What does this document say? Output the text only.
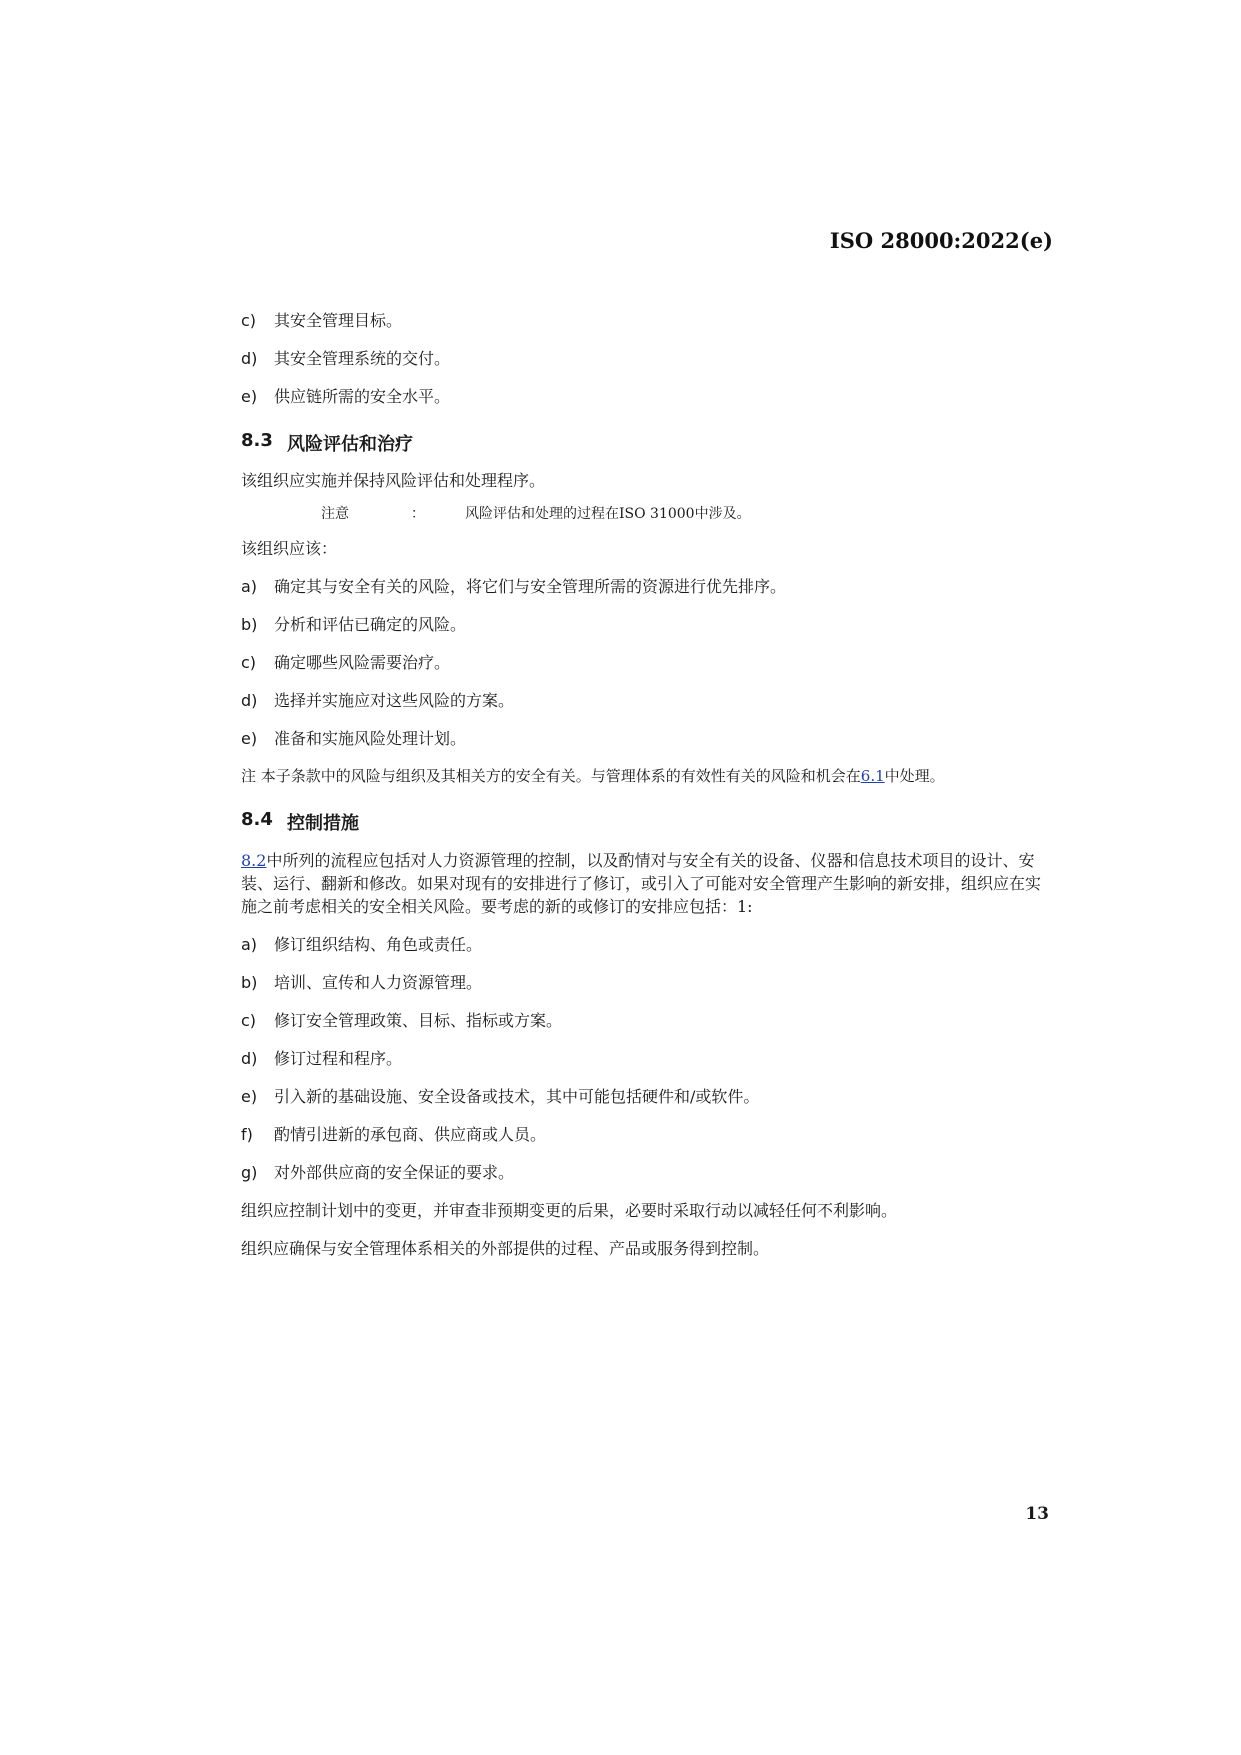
ISO 28000:2022(e)
c)	其安全管理目标。
d)	其安全管理系统的交付。
e)	供应链所需的安全水平。
8.3 风险评估和治疗
该组织应实施并保持风险评估和处理程序。
注意	：	风险评估和处理的过程在ISO 31000中涉及。
该组织应该：
a)	确定其与安全有关的风险，将它们与安全管理所需的资源进行优先排序。
b)	分析和评估已确定的风险。
c)	确定哪些风险需要治疗。
d)	选择并实施应对这些风险的方案。
e)	准备和实施风险处理计划。
注 本子条款中的风险与组织及其相关方的安全有关。与管理体系的有效性有关的风险和机会在6.1中处理。
8.4 控制措施
8.2中所列的流程应包括对人力资源管理的控制，以及酌情对与安全有关的设备、仪器和信息技术项目的设计、安装、运行、翻新和修改。如果对现有的安排进行了修订，或引入了可能对安全管理产生影响的新安排，组织应在实施之前考虑相关的安全相关风险。要考虑的新的或修订的安排应包括：1:
a)	修订组织结构、角色或责任。
b)	培训、宣传和人力资源管理。
c)	修订安全管理政策、目标、指标或方案。
d)	修订过程和程序。
e)	引入新的基础设施、安全设备或技术，其中可能包括硬件和/或软件。
f)	酌情引进新的承包商、供应商或人员。
g)	对外部供应商的安全保证的要求。
组织应控制计划中的变更，并审查非预期变更的后果，必要时采取行动以减轻任何不利影响。
组织应确保与安全管理体系相关的外部提供的过程、产品或服务得到控制。
13
